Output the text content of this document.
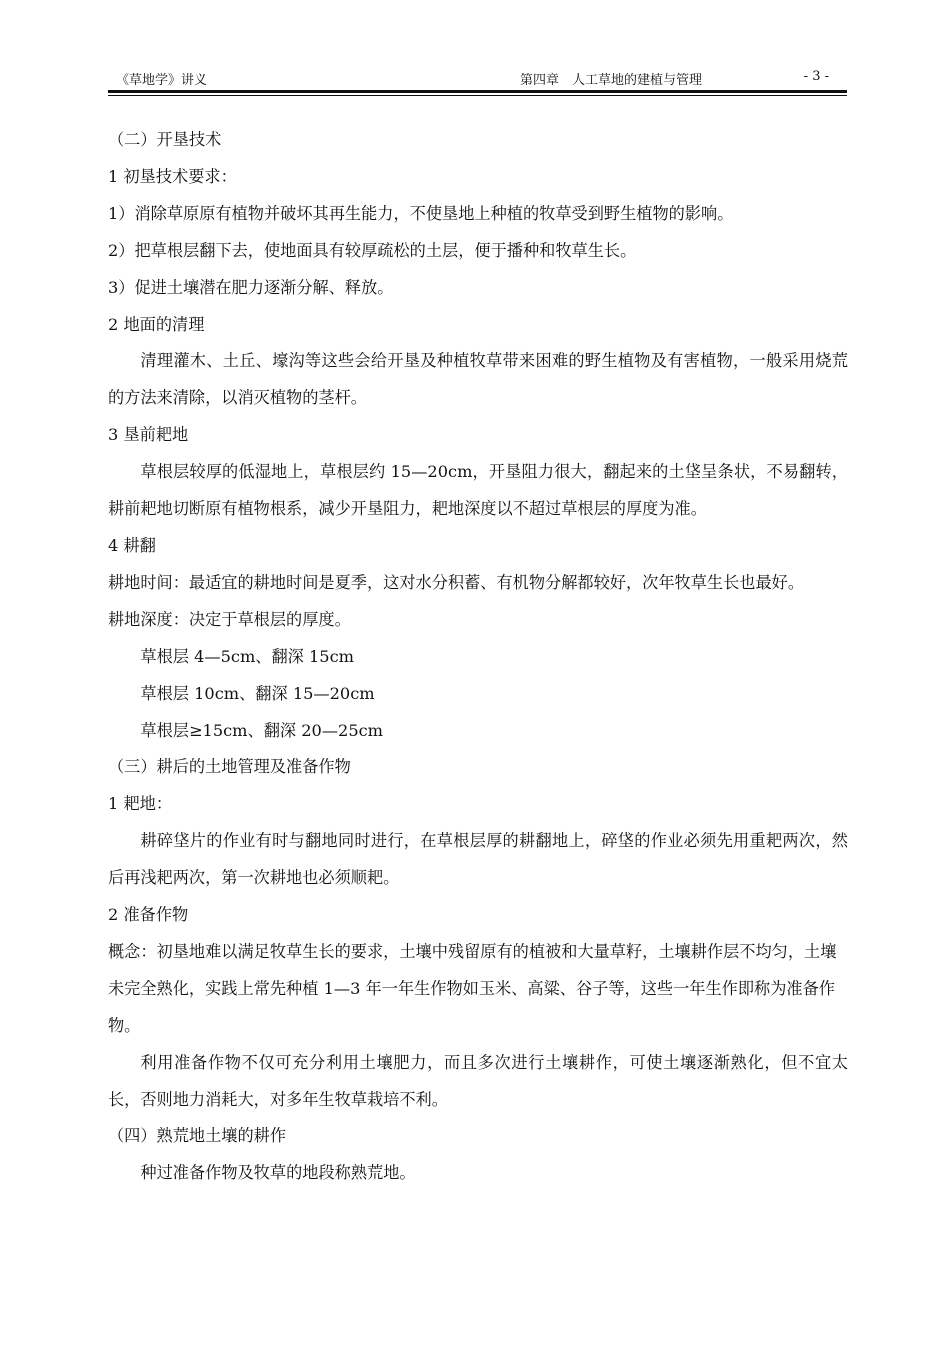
《草地学》讲义	第四章　人工草地的建植与管理	- 3 -

（二）开垦技术

1 初垦技术要求：

1）消除草原原有植物并破坏其再生能力，不使垦地上种植的牧草受到野生植物的影响。

2）把草根层翻下去，使地面具有较厚疏松的土层，便于播种和牧草生长。

3）促进土壤潜在肥力逐渐分解、释放。

2 地面的清理

清理灌木、土丘、壕沟等这些会给开垦及种植牧草带来困难的野生植物及有害植物，一般采用烧荒的方法来清除，以消灭植物的茎杆。

3 垦前耙地

草根层较厚的低湿地上，草根层约 15—20cm，开垦阻力很大，翻起来的土垡呈条状，不易翻转，耕前耙地切断原有植物根系，减少开垦阻力，耙地深度以不超过草根层的厚度为准。

4 耕翻

耕地时间：最适宜的耕地时间是夏季，这对水分积蓄、有机物分解都较好，次年牧草生长也最好。

耕地深度：决定于草根层的厚度。

草根层 4—5cm、翻深 15cm

草根层 10cm、翻深 15—20cm

草根层≥15cm、翻深 20—25cm

（三）耕后的土地管理及准备作物

1 耙地：

耕碎垡片的作业有时与翻地同时进行，在草根层厚的耕翻地上，碎垡的作业必须先用重耙两次，然后再浅耙两次，第一次耕地也必须顺耙。

2 准备作物

概念：初垦地难以满足牧草生长的要求，土壤中残留原有的植被和大量草籽，土壤耕作层不均匀，土壤未完全熟化，实践上常先种植 1—3 年一年生作物如玉米、高粱、谷子等，这些一年生作即称为准备作物。

利用准备作物不仅可充分利用土壤肥力，而且多次进行土壤耕作，可使土壤逐渐熟化，但不宜太长，否则地力消耗大，对多年生牧草栽培不利。

（四）熟荒地土壤的耕作

种过准备作物及牧草的地段称熟荒地。
